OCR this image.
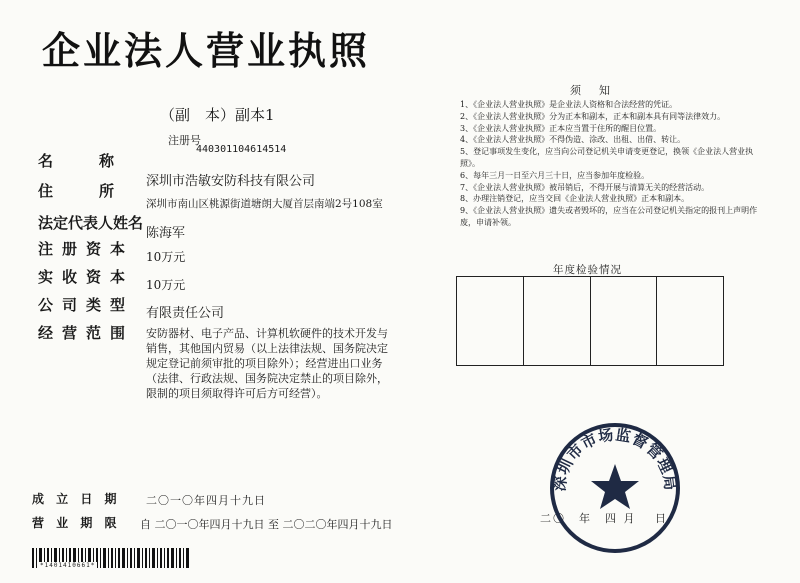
企业法人营业执照
（副　本）副本1
注册号
440301104614514
名称
深圳市浩敏安防科技有限公司
住所
深圳市南山区桃源街道塘朗大厦首层南端2号108室
法定代表人姓名
陈海军
注册资本 10万元
实收资本 10万元
公司类型 有限责任公司
经营范围 安防器材、电子产品、计算机软硬件的技术开发与销售，其他国内贸易（以上法律法规、国务院决定规定登记前须审批的项目除外）；经营进出口业务（法律、行政法规、国务院决定禁止的项目除外，限制的项目须取得许可后方可经营）。
须知
1、《企业法人营业执照》是企业法人资格和合法经营的凭证。
2、《企业法人营业执照》分为正本和副本，正本和副本具有同等法律效力。
3、《企业法人营业执照》正本应当置于住所的醒目位置。
4、《企业法人营业执照》不得伪造、涂改、出租、出借、转让。
5、登记事项发生变化，应当向公司登记机关申请变更登记，换领《企业法人营业执照》。
6、每年三月一日至六月三十日，应当参加年度检验。
7、《企业法人营业执照》被吊销后，不得开展与清算无关的经营活动。
8、办理注销登记，应当交回《企业法人营业执照》正本和副本。
9、《企业法人营业执照》遗失或者毁坏的，应当在公司登记机关指定的报刊上声明作废，申请补领。
年度检验情况
成 立 日 期 二〇一〇年四月十九日
营 业 期 限 自 二〇一〇年四月十九日 至 二〇二〇年四月十九日	二〇　年　四 月　 日
深圳市市场监督管理局
*1401410661*
